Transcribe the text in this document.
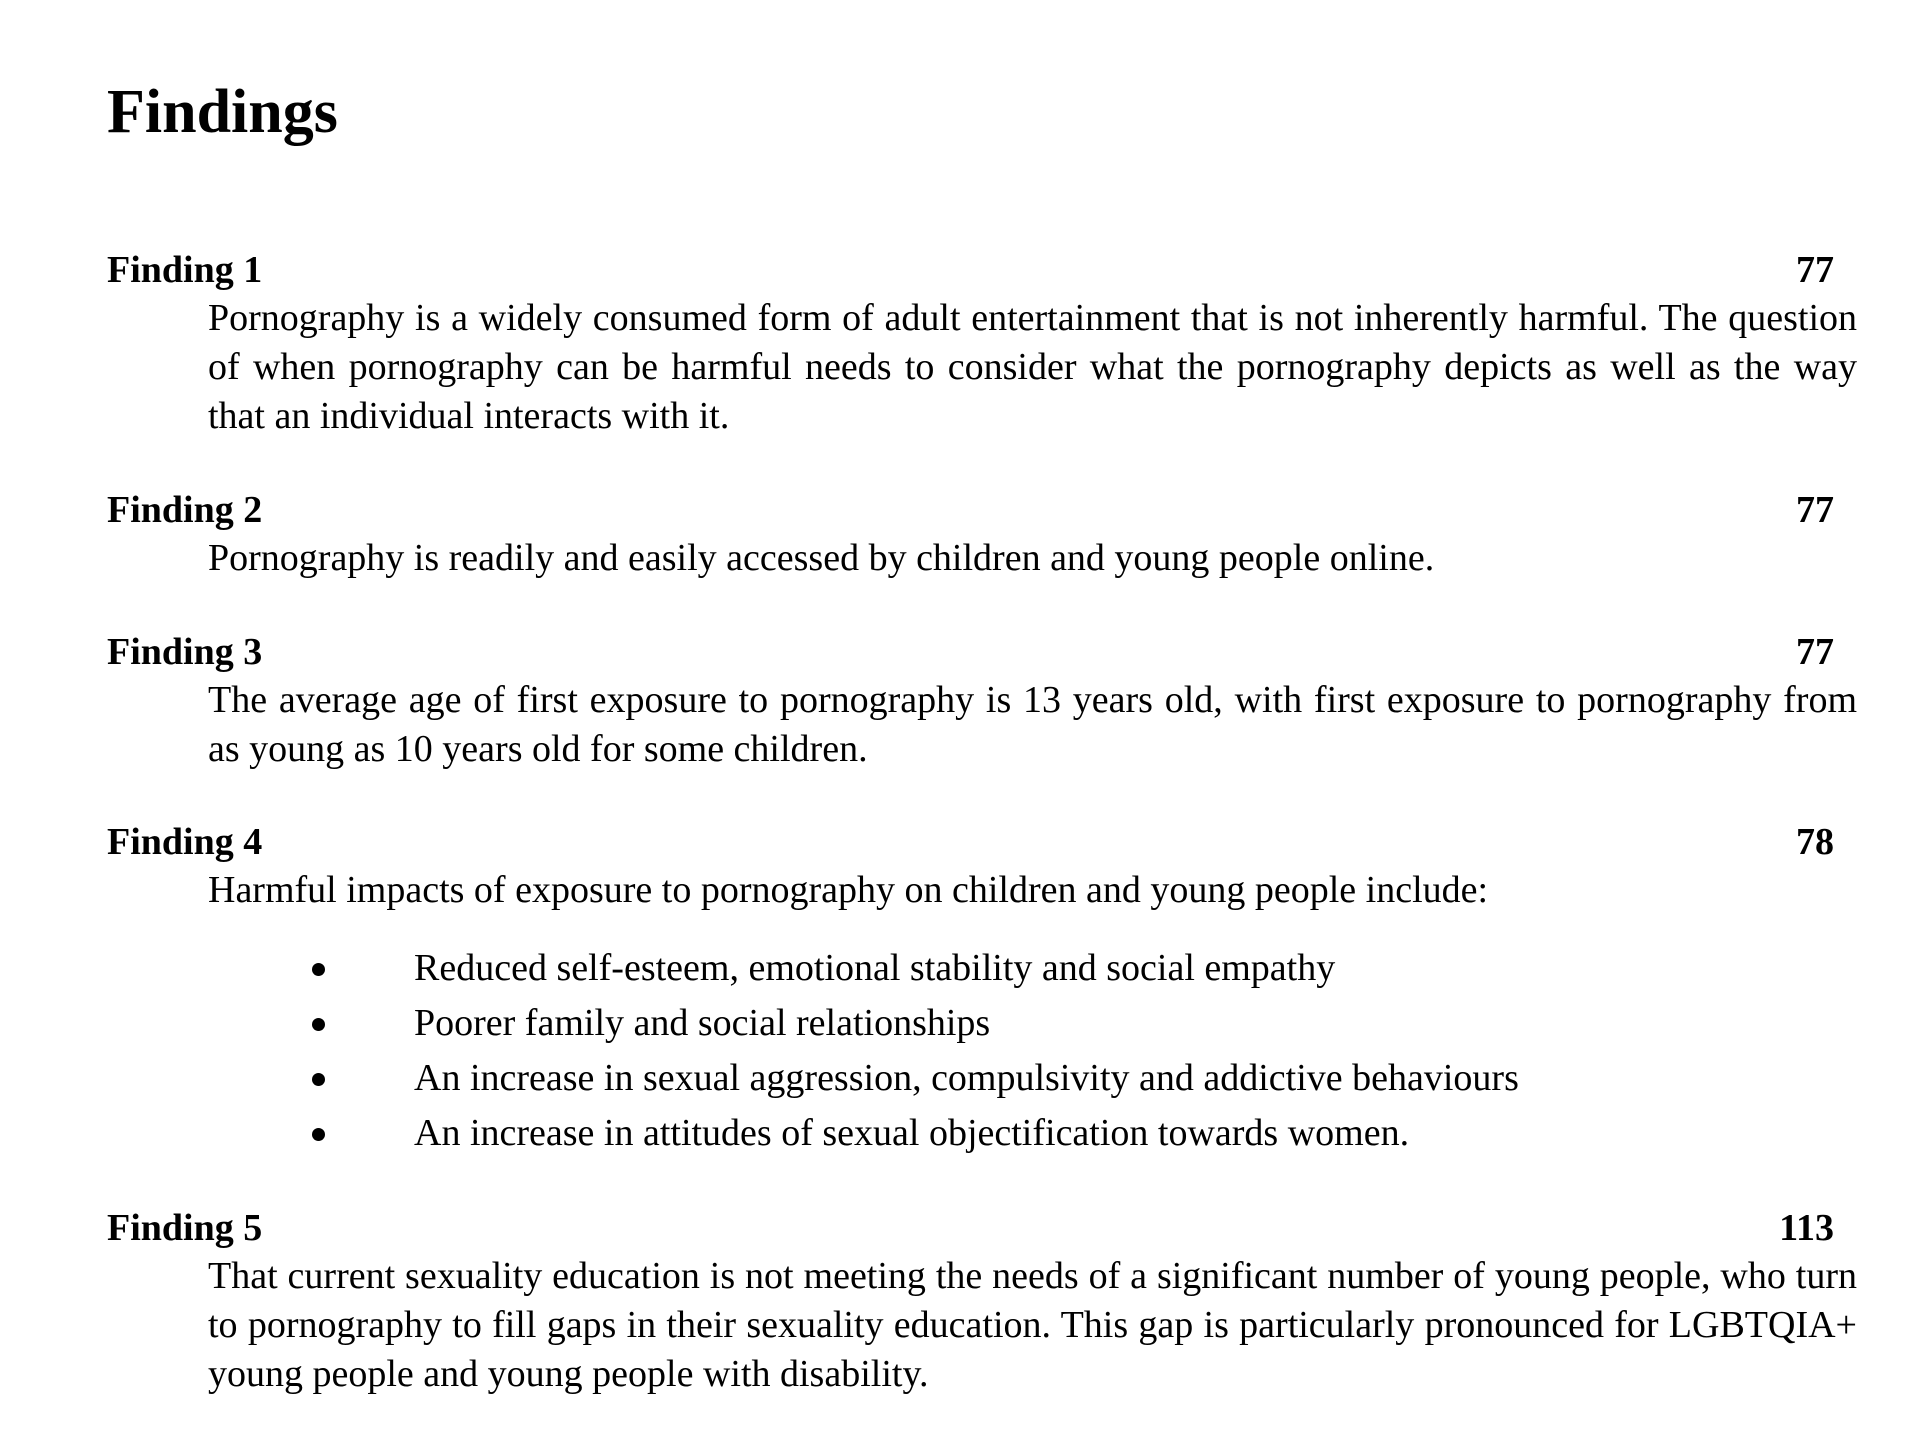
Findings
Finding 1	77

Pornography is a widely consumed form of adult entertainment that is not inherently harmful. The question of when pornography can be harmful needs to consider what the pornography depicts as well as the way that an individual interacts with it.

Finding 2	77

Pornography is readily and easily accessed by children and young people online.

Finding 3	77

The average age of first exposure to pornography is 13 years old, with first exposure to pornography from as young as 10 years old for some children.

Finding 4	78

Harmful impacts of exposure to pornography on children and young people include:

Reduced self-esteem, emotional stability and social empathy
Poorer family and social relationships
An increase in sexual aggression, compulsivity and addictive behaviours
An increase in attitudes of sexual objectification towards women.
Finding 5	113

That current sexuality education is not meeting the needs of a significant number of young people, who turn to pornography to fill gaps in their sexuality education. This gap is particularly pronounced for LGBTQIA+ young people and young people with disability.
